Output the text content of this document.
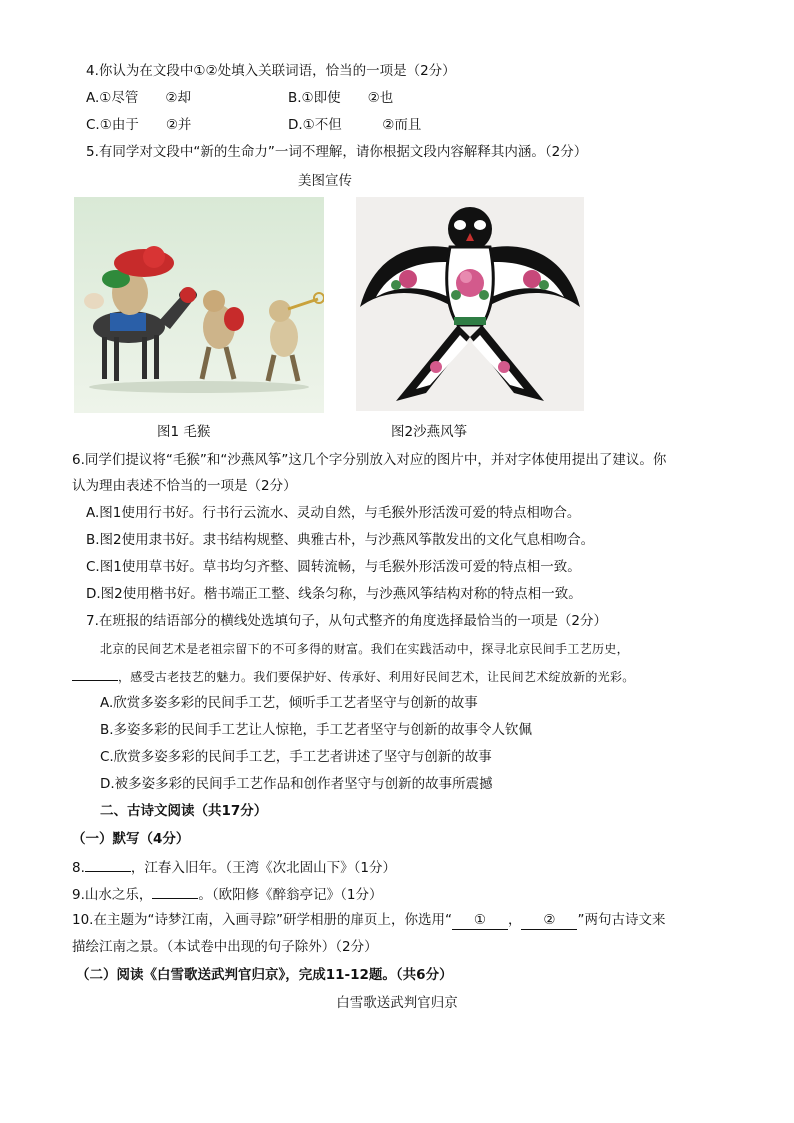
4.你认为在文段中①②处填入关联词语，恰当的一项是（2分）
A.①尽管　　②却	B.①即使　　②也
C.①由于　　②并	D.①不但　　　②而且
5.有同学对文段中“新的生命力”一词不理解，请你根据文段内容解释其内涵。（2分）
美图宣传
图1 毛猴	图2沙燕风筝
6.同学们提议将“毛猴”和“沙燕风筝”这几个字分别放入对应的图片中，并对字体使用提出了建议。你
认为理由表述不恰当的一项是（2分）
A.图1使用行书好。行书行云流水、灵动自然，与毛猴外形活泼可爱的特点相吻合。
B.图2使用隶书好。隶书结构规整、典雅古朴，与沙燕风筝散发出的文化气息相吻合。
C.图1使用草书好。草书均匀齐整、圆转流畅，与毛猴外形活泼可爱的特点相一致。
D.图2使用楷书好。楷书端正工整、线条匀称，与沙燕风筝结构对称的特点相一致。
7.在班报的结语部分的横线处选填句子，从句式整齐的角度选择最恰当的一项是（2分）
北京的民间艺术是老祖宗留下的不可多得的财富。我们在实践活动中，探寻北京民间手工艺历史，
，感受古老技艺的魅力。我们要保护好、传承好、利用好民间艺术，让民间艺术绽放新的光彩。
A.欣赏多姿多彩的民间手工艺，倾听手工艺者坚守与创新的故事
B.多姿多彩的民间手工艺让人惊艳，手工艺者坚守与创新的故事令人钦佩
C.欣赏多姿多彩的民间手工艺，手工艺者讲述了坚守与创新的故事
D.被多姿多彩的民间手工艺作品和创作者坚守与创新的故事所震撼
二、古诗文阅读（共17分）
（一）默写（4分）
8.	，江春入旧年。（王湾《次北固山下》（1分）
9.山水之乐，	。（欧阳修《醉翁亭记》（1分）
10.在主题为“诗梦江南，入画寻踪”研学相册的扉页上，你选用“ ① ， ② ”两句古诗文来
描绘江南之景。（本试卷中出现的句子除外）（2分）
（二）阅读《白雪歌送武判官归京》，完成11-12题。（共6分）
白雪歌送武判官归京
